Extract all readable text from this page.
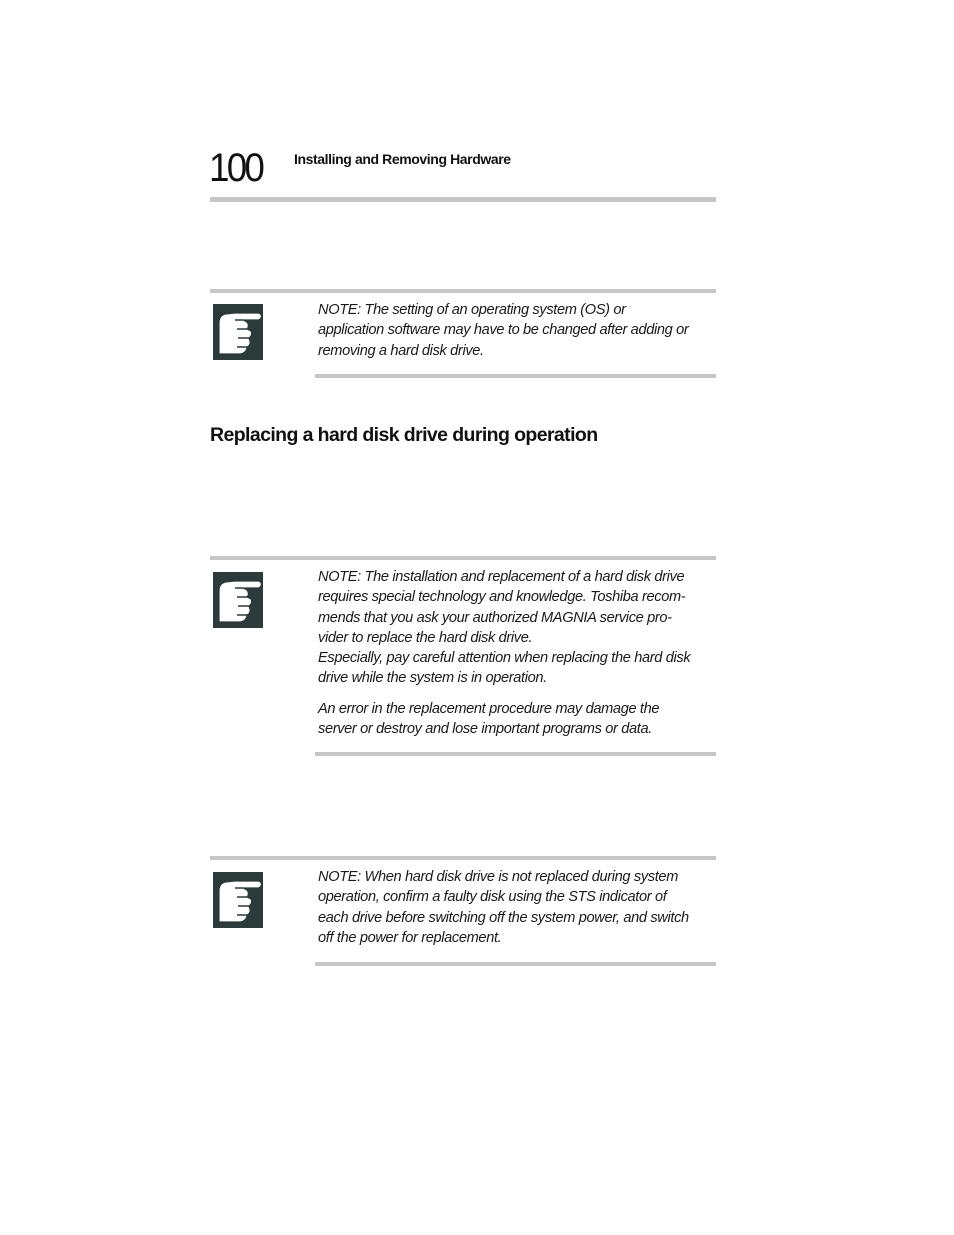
100 Installing and Removing Hardware

NOTE: The setting of an operating system (OS) or application software may have to be changed after adding or removing a hard disk drive.

Replacing a hard disk drive during operation

NOTE: The installation and replacement of a hard disk drive requires special technology and knowledge. Toshiba recom-mends that you ask your authorized MAGNIA service pro-vider to replace the hard disk drive.

Especially, pay careful attention when replacing the hard disk drive while the system is in operation.

An error in the replacement procedure may damage the server or destroy and lose important programs or data.

NOTE: When hard disk drive is not replaced during system operation, confirm a faulty disk using the STS indicator of each drive before switching off the system power, and switch off the power for replacement.
